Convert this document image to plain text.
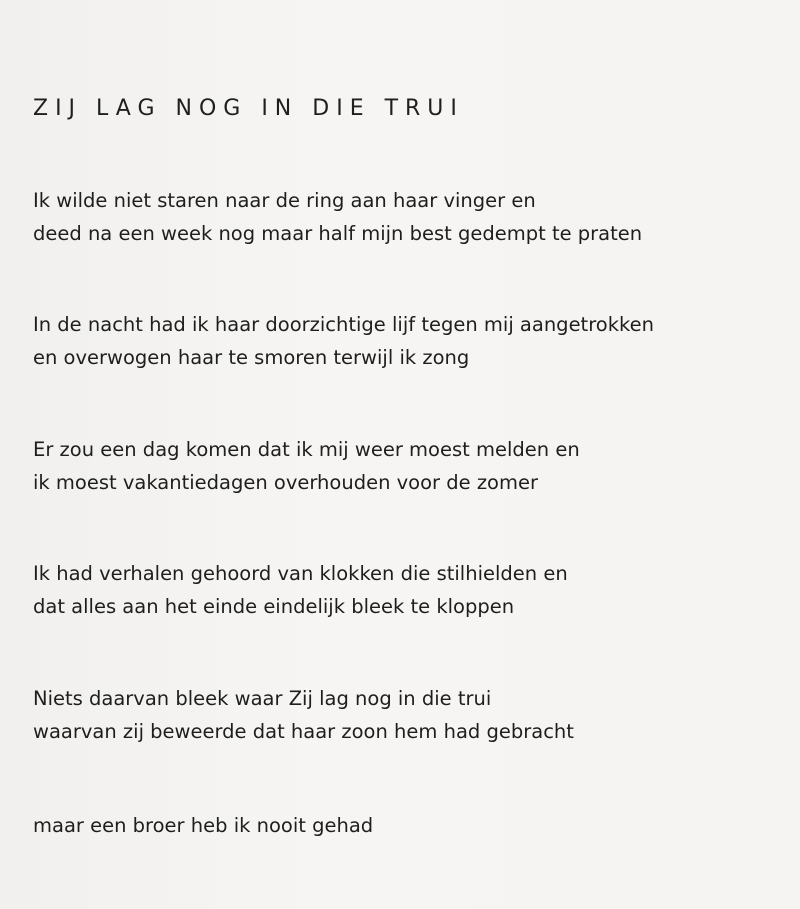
ZIJ LAG NOG IN DIE TRUI

Ik wilde niet staren naar de ring aan haar vinger en
deed na een week nog maar half mijn best gedempt te praten

In de nacht had ik haar doorzichtige lijf tegen mij aangetrokken
en overwogen haar te smoren terwijl ik zong

Er zou een dag komen dat ik mij weer moest melden en
ik moest vakantiedagen overhouden voor de zomer

Ik had verhalen gehoord van klokken die stilhielden en
dat alles aan het einde eindelijk bleek te kloppen

Niets daarvan bleek waar Zij lag nog in die trui
waarvan zij beweerde dat haar zoon hem had gebracht

maar een broer heb ik nooit gehad
